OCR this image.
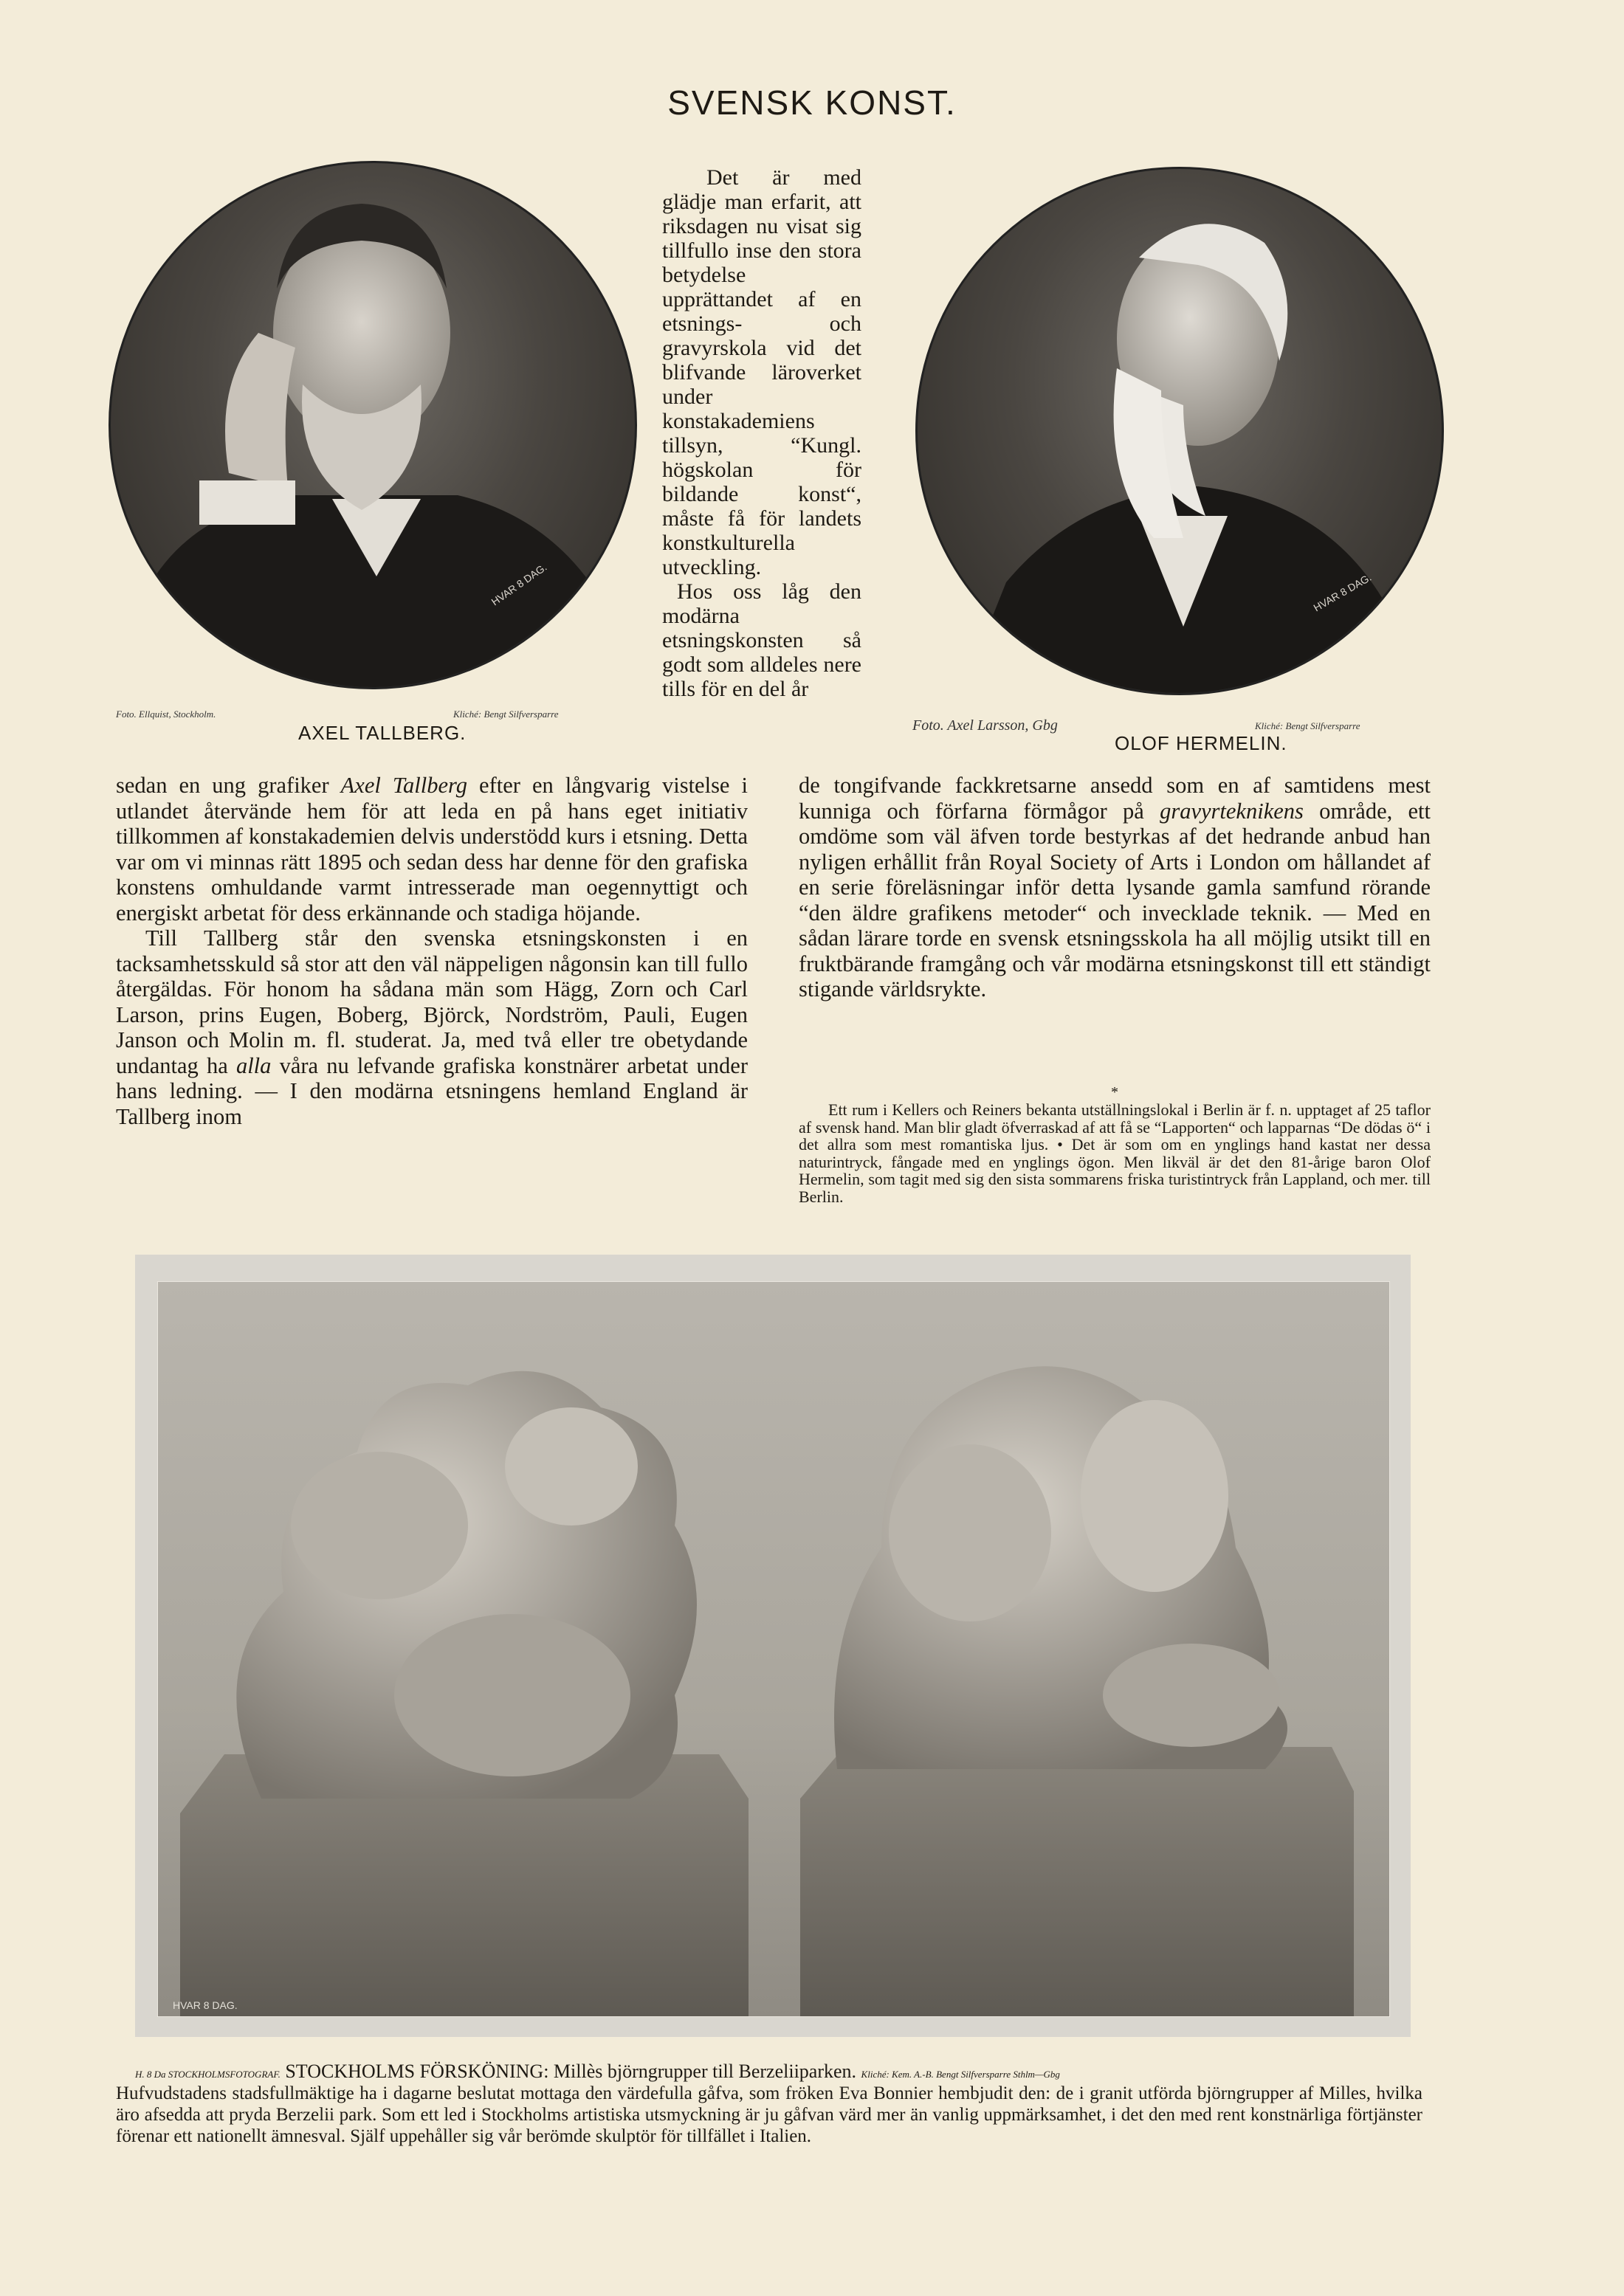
SVENSK KONST.
HVAR 8 DAG.
Foto. Ellquist, Stockholm.	Kliché: Bengt Silfversparre
AXEL TALLBERG.

Det är med glädje man erfarit, att riksdagen nu visat sig tillfullo inse den stora betydelse upprättandet af en etsnings- och gravyrskola vid det blifvande läroverket under konstakademiens tillsyn, “Kungl. högskolan för bildande konst“, måste få för landets konstkulturella utveckling.

Hos oss låg den modärna etsningskonsten så godt som alldeles nere tills för en del år

HVAR 8 DAG.
Foto. Axel Larsson, Gbg	Kliché: Bengt Silfversparre
OLOF HERMELIN.

sedan en ung grafiker Axel Tallberg efter en långvarig vistelse i utlandet återvände hem för att leda en på hans eget initiativ tillkommen af konstakademien delvis understödd kurs i etsning. Detta var om vi minnas rätt 1895 och sedan dess har denne för den grafiska konstens omhuldande varmt intresserade man oegennyttigt och energiskt arbetat för dess erkännande och stadiga höjande.

Till Tallberg står den svenska etsningskonsten i en tacksamhetsskuld så stor att den väl näppeligen någonsin kan till fullo återgäldas. För honom ha sådana män som Hägg, Zorn och Carl Larson, prins Eugen, Boberg, Björck, Nordström, Pauli, Eugen Janson och Molin m. fl. studerat. Ja, med två eller tre obetydande undantag ha alla våra nu lefvande grafiska konstnärer arbetat under hans ledning. — I den modärna etsningens hemland England är Tallberg inom

de tongifvande fackkretsarne ansedd som en af samtidens mest kunniga och förfarna förmågor på gravyrteknikens område, ett omdöme som väl äfven torde bestyrkas af det hedrande anbud han nyligen erhållit från Royal Society of Arts i London om hållandet af en serie föreläsningar inför detta lysande gamla samfund rörande “den äldre grafikens metoder“ och invecklade teknik. — Med en sådan lärare torde en svensk etsningsskola ha all möjlig utsikt till en fruktbärande framgång och vår modärna etsningskonst till ett ständigt stigande världsrykte.

*
Ett rum i Kellers och Reiners bekanta utställningslokal i Berlin är f. n. upptaget af 25 taflor af svensk hand. Man blir gladt öfverraskad af att få se “Lapporten“ och lapparnas “De dödas ö“ i det allra som mest romantiska ljus. • Det är som om en ynglings hand kastat ner dessa naturintryck, fångade med en ynglings ögon. Men likväl är det den 81-årige baron Olof Hermelin, som tagit med sig den sista sommarens friska turistintryck från Lappland, och mer. till Berlin.
HVAR 8 DAG.
H. 8 Da STOCKHOLMSFOTOGRAF. STOCKHOLMS FÖRSKÖNING: Millès björngrupper till Berzeliiparken. Kliché: Kem. A.-B. Bengt Silfversparre Sthlm—Gbg
Hufvudstadens stadsfullmäktige ha i dagarne beslutat mottaga den värdefulla gåfva, som fröken Eva Bonnier hembjudit den: de i granit utförda björngrupper af Milles, hvilka äro afsedda att pryda Berzelii park. Som ett led i Stockholms artistiska utsmyckning är ju gåfvan värd mer än vanlig uppmärksamhet, i det den med rent konstnärliga förtjänster förenar ett nationellt ämnesval. Själf uppehåller sig vår berömde skulptör för tillfället i Italien.
